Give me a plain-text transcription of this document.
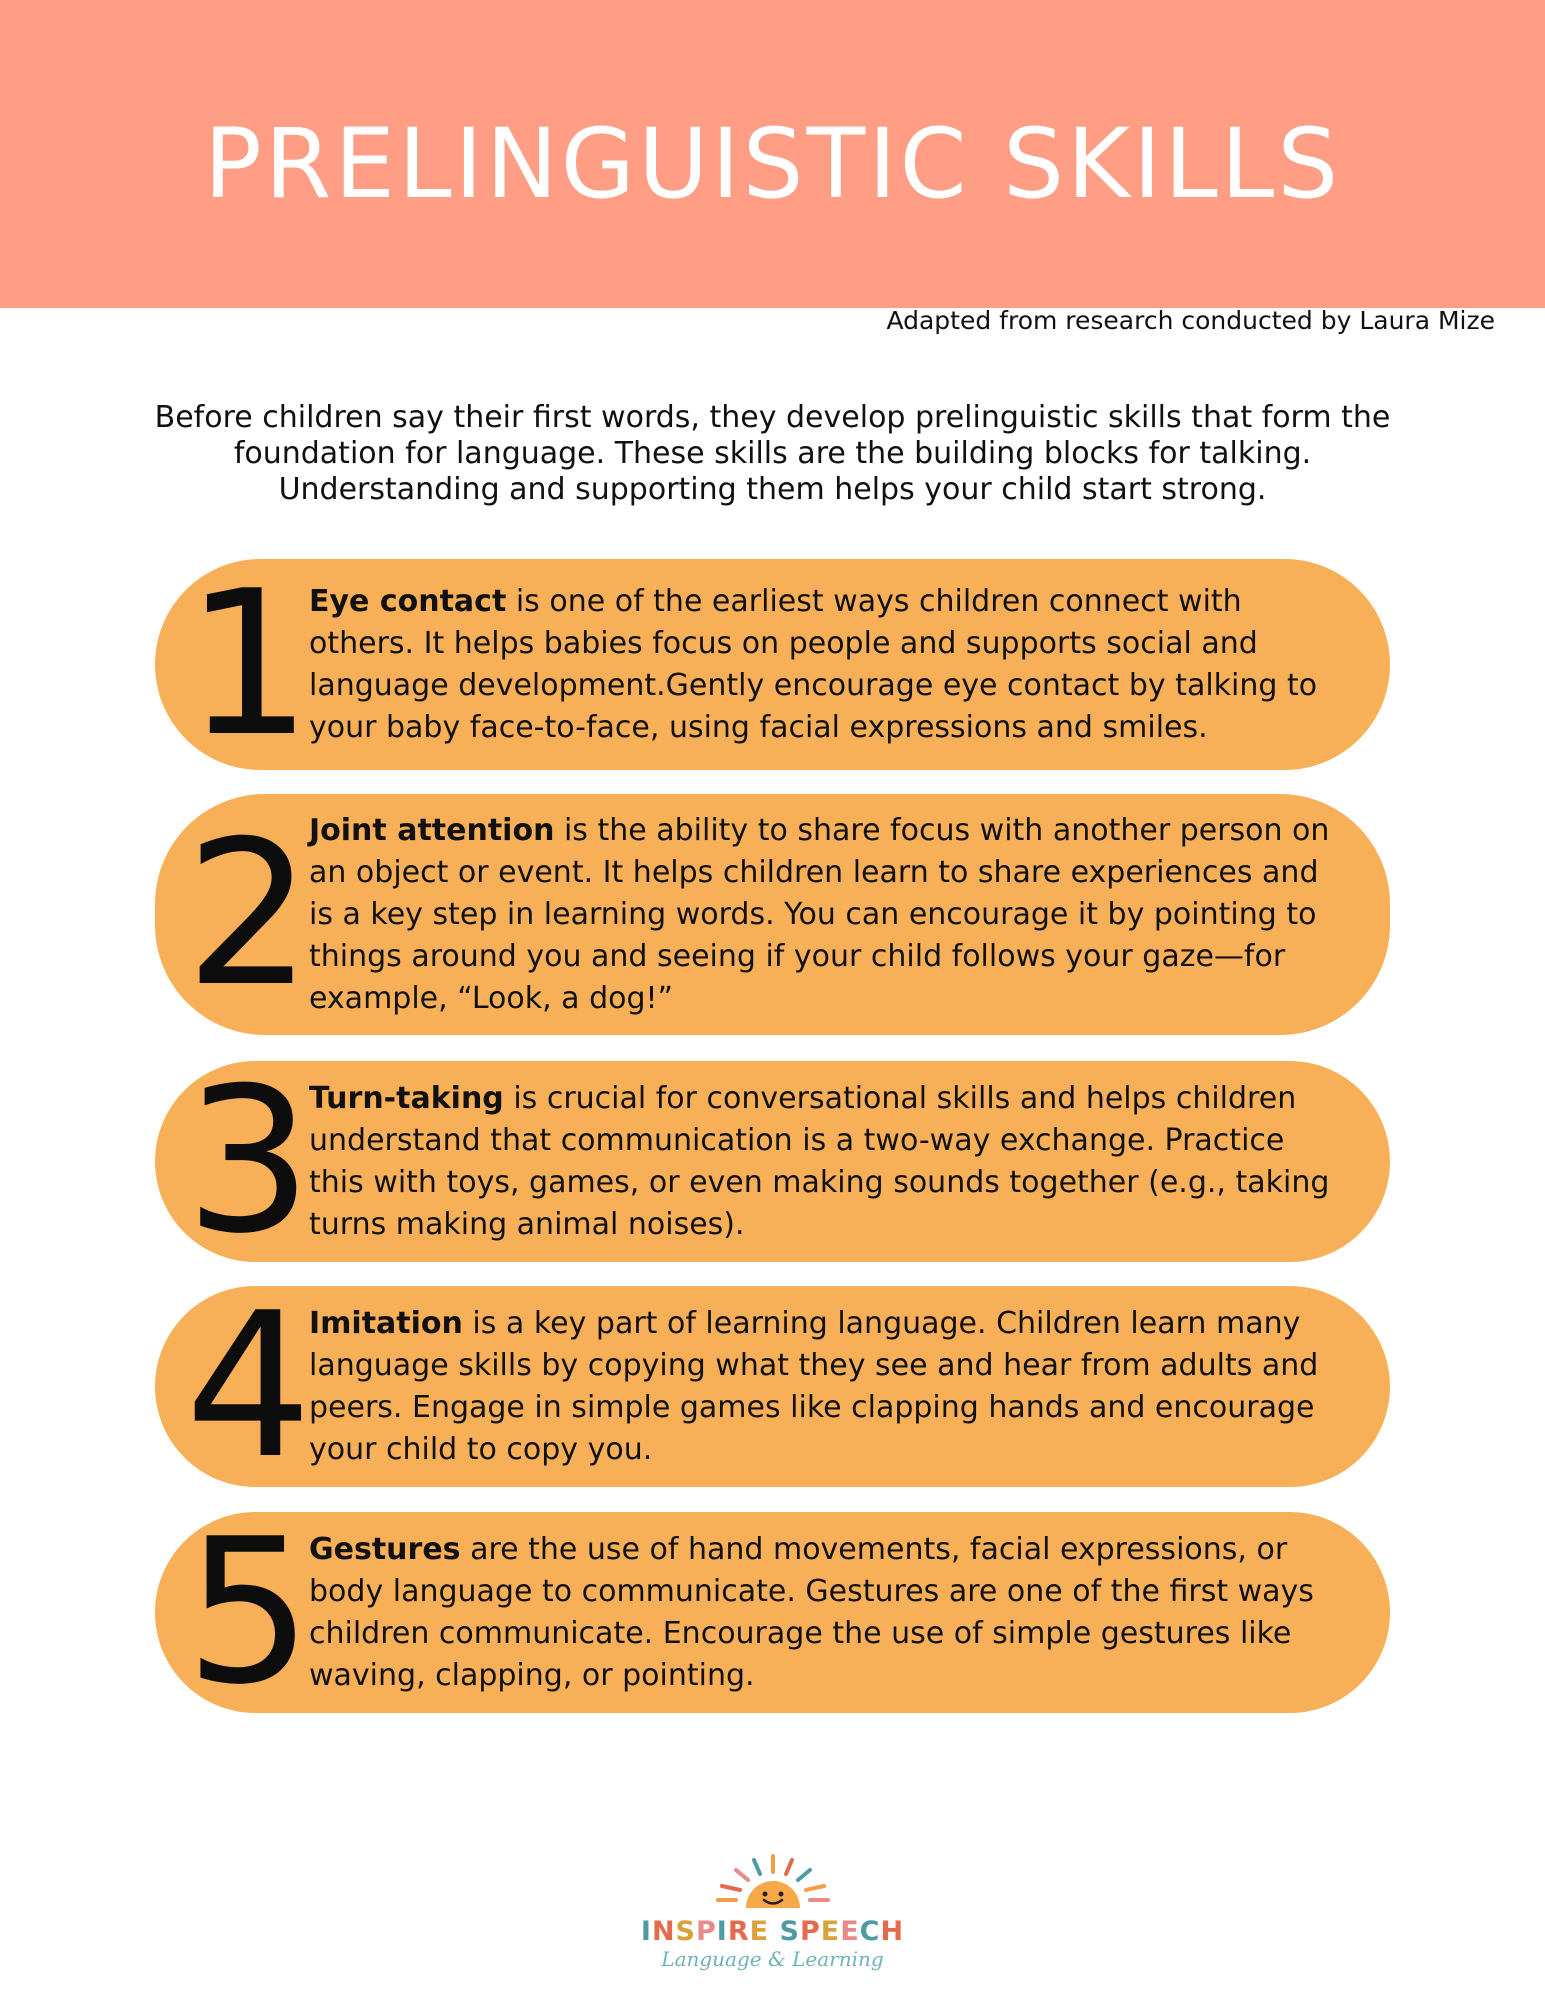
PRELINGUISTIC SKILLS
Adapted from research conducted by Laura Mize

Before children say their first words, they develop prelinguistic skills that form the foundation for language. These skills are the building blocks for talking. Understanding and supporting them helps your child start strong.

1
Eye contact is one of the earliest ways children connect with others. It helps babies focus on people and supports social and language development.Gently encourage eye contact by talking to your baby face-to-face, using facial expressions and smiles.
2
Joint attention is the ability to share focus with another person on an object or event. It helps children learn to share experiences and is a key step in learning words. You can encourage it by pointing to things around you and seeing if your child follows your gaze—for example, “Look, a dog!”
3
Turn-taking is crucial for conversational skills and helps children understand that communication is a two-way exchange. Practice this with toys, games, or even making sounds together (e.g., taking turns making animal noises).
4
Imitation is a key part of learning language. Children learn many language skills by copying what they see and hear from adults and peers. Engage in simple games like clapping hands and encourage your child to copy you.
5
Gestures are the use of hand movements, facial expressions, or body language to communicate. Gestures are one of the first ways children communicate. Encourage the use of simple gestures like waving, clapping, or pointing.
INSPIRE SPEECH
Language & Learning
